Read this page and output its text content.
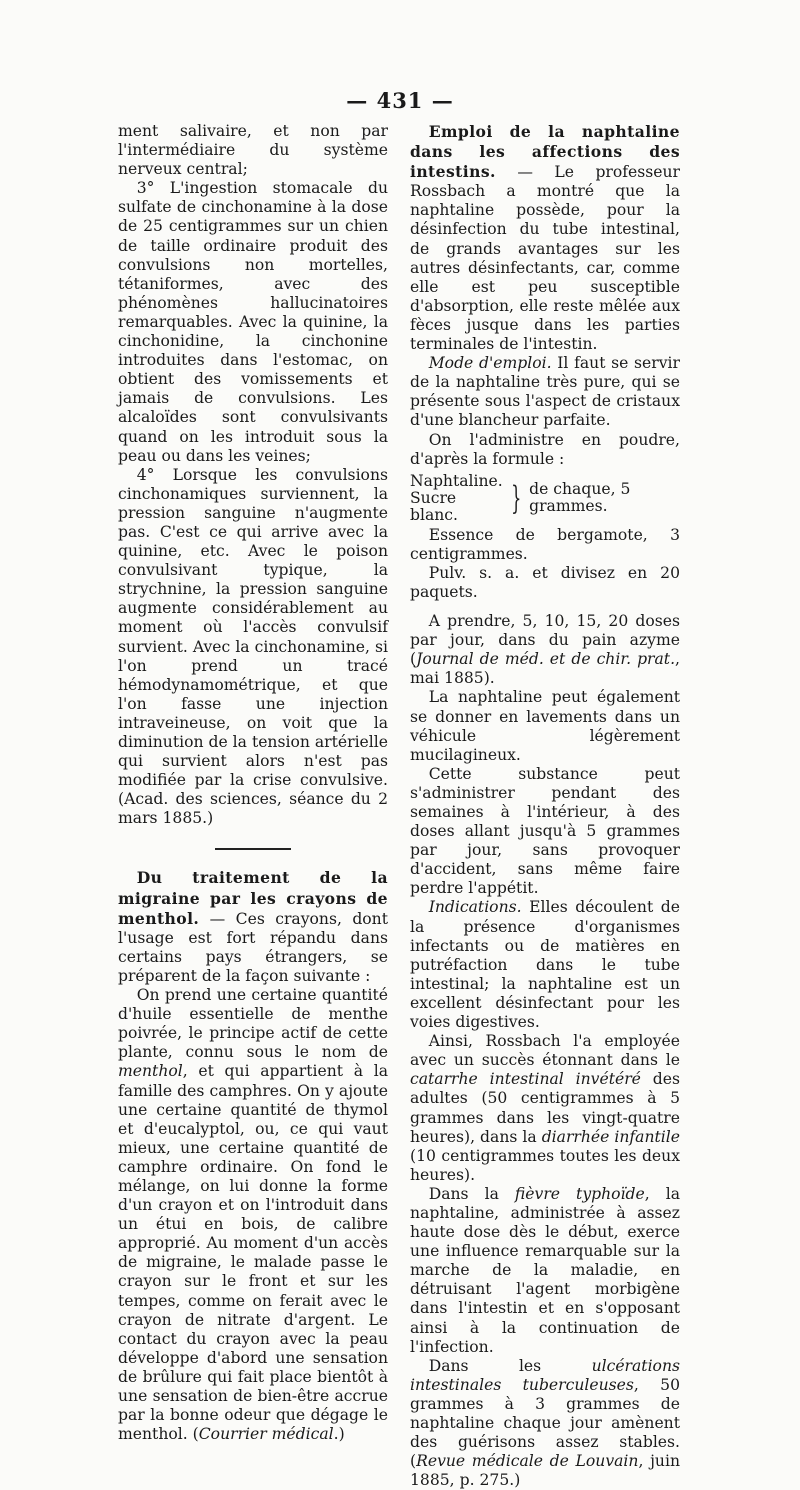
— 431 —

ment salivaire, et non par l'intermédiaire du système nerveux central;

3° L'ingestion stomacale du sulfate de cinchonamine à la dose de 25 centigrammes sur un chien de taille ordinaire produit des convulsions non mortelles, tétaniformes, avec des phénomènes hallucinatoires remarquables. Avec la quinine, la cinchonidine, la cinchonine introduites dans l'estomac, on obtient des vomissements et jamais de convulsions. Les alcaloïdes sont convulsivants quand on les introduit sous la peau ou dans les veines;

4° Lorsque les convulsions cinchonamiques surviennent, la pression sanguine n'augmente pas. C'est ce qui arrive avec la quinine, etc. Avec le poison convulsivant typique, la strychnine, la pression sanguine augmente considérablement au moment où l'accès convulsif survient. Avec la cinchonamine, si l'on prend un tracé hémodynamométrique, et que l'on fasse une injection intraveineuse, on voit que la diminution de la tension artérielle qui survient alors n'est pas modifiée par la crise convulsive. (Acad. des sciences, séance du 2 mars 1885.)

Du traitement de la migraine par les crayons de menthol. — Ces crayons, dont l'usage est fort répandu dans certains pays étrangers, se préparent de la façon suivante :

On prend une certaine quantité d'huile essentielle de menthe poivrée, le principe actif de cette plante, connu sous le nom de menthol, et qui appartient à la famille des camphres. On y ajoute une certaine quantité de thymol et d'eucalyptol, ou, ce qui vaut mieux, une certaine quantité de camphre ordinaire. On fond le mélange, on lui donne la forme d'un crayon et on l'introduit dans un étui en bois, de calibre approprié. Au moment d'un accès de migraine, le malade passe le crayon sur le front et sur les tempes, comme on ferait avec le crayon de nitrate d'argent. Le contact du crayon avec la peau développe d'abord une sensation de brûlure qui fait place bientôt à une sensation de bien-être accrue par la bonne odeur que dégage le menthol. (Courrier médical.)

Emploi de la naphtaline dans les affections des intestins. — Le professeur Rossbach a montré que la naphtaline possède, pour la désinfection du tube intestinal, de grands avantages sur les autres désinfectants, car, comme elle est peu susceptible d'absorption, elle reste mêlée aux fèces jusque dans les parties terminales de l'intestin.

Mode d'emploi. Il faut se servir de la naphtaline très pure, qui se présente sous l'aspect de cristaux d'une blancheur parfaite.

On l'administre en poudre, d'après la formule :

Naphtaline.
Sucre blanc.	} de chaque, 5 grammes.

Essence de bergamote, 3 centigrammes.

Pulv. s. a. et divisez en 20 paquets.

A prendre, 5, 10, 15, 20 doses par jour, dans du pain azyme (Journal de méd. et de chir. prat., mai 1885).

La naphtaline peut également se donner en lavements dans un véhicule légèrement mucilagineux.

Cette substance peut s'administrer pendant des semaines à l'intérieur, à des doses allant jusqu'à 5 grammes par jour, sans provoquer d'accident, sans même faire perdre l'appétit.

Indications. Elles découlent de la présence d'organismes infectants ou de matières en putréfaction dans le tube intestinal; la naphtaline est un excellent désinfectant pour les voies digestives.

Ainsi, Rossbach l'a employée avec un succès étonnant dans le catarrhe intestinal invétéré des adultes (50 centigrammes à 5 grammes dans les vingt-quatre heures), dans la diarrhée infantile (10 centigrammes toutes les deux heures).

Dans la fièvre typhoïde, la naphtaline, administrée à assez haute dose dès le début, exerce une influence remarquable sur la marche de la maladie, en détruisant l'agent morbigène dans l'intestin et en s'opposant ainsi à la continuation de l'infection.

Dans les ulcérations intestinales tuberculeuses, 50 grammes à 3 grammes de naphtaline chaque jour amènent des guérisons assez stables. (Revue médicale de Louvain, juin 1885, p. 275.)
